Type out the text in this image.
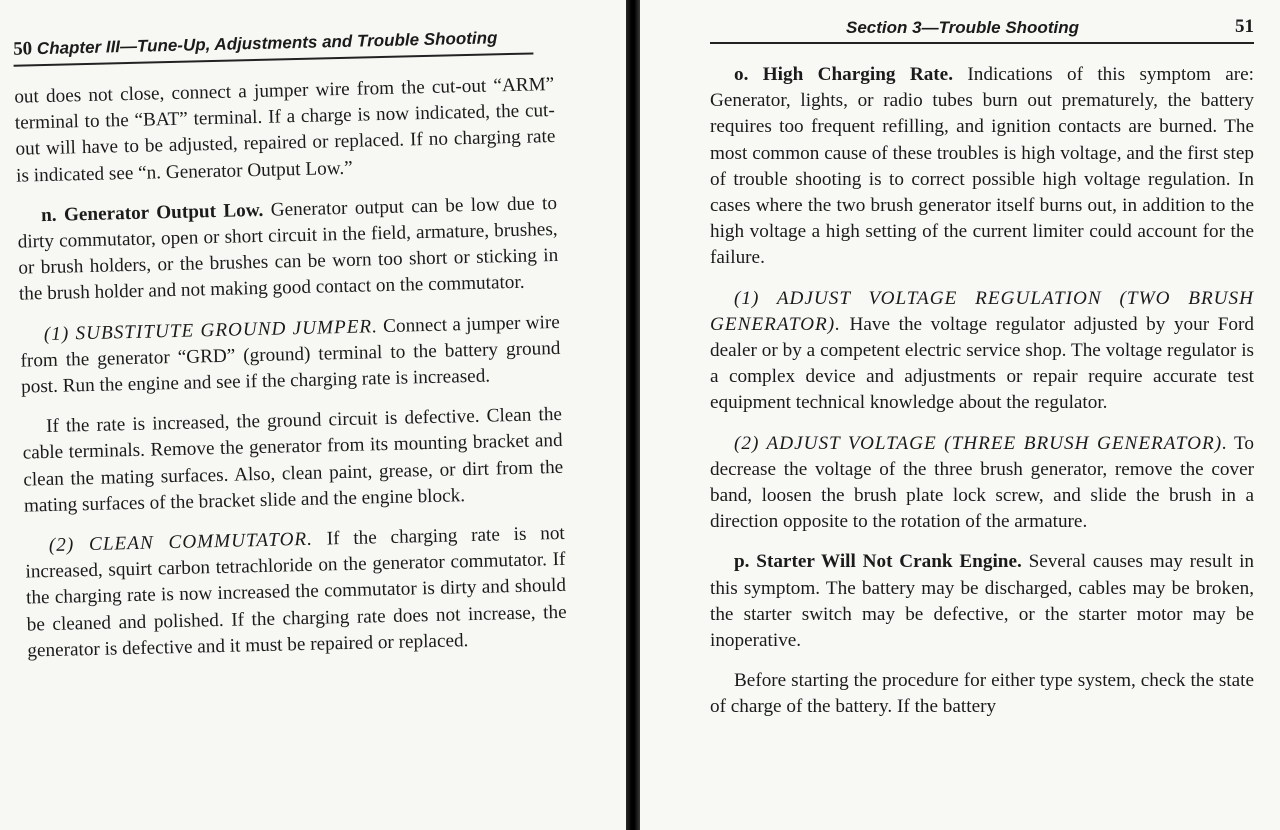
50 Chapter III—Tune-Up, Adjustments and Trouble Shooting

out does not close, connect a jumper wire from the cut-out “ARM” terminal to the “BAT” terminal. If a charge is now indicated, the cut-out will have to be adjusted, repaired or replaced. If no charging rate is indicated see “n. Generator Output Low.”

n. Generator Output Low. Generator output can be low due to dirty commutator, open or short circuit in the field, armature, brushes, or brush holders, or the brushes can be worn too short or sticking in the brush holder and not making good contact on the commutator.

(1) SUBSTITUTE GROUND JUMPER. Connect a jumper wire from the generator “GRD” (ground) terminal to the battery ground post. Run the engine and see if the charging rate is increased.

If the rate is increased, the ground circuit is defective. Clean the cable terminals. Remove the generator from its mounting bracket and clean the mating surfaces. Also, clean paint, grease, or dirt from the mating surfaces of the bracket slide and the engine block.

(2) CLEAN COMMUTATOR. If the charging rate is not increased, squirt carbon tetrachloride on the generator commutator. If the charging rate is now increased the commutator is dirty and should be cleaned and polished. If the charging rate does not increase, the generator is defective and it must be repaired or replaced.

Section 3—Trouble Shooting	51

o. High Charging Rate. Indications of this symptom are: Generator, lights, or radio tubes burn out prematurely, the battery requires too frequent refilling, and ignition contacts are burned. The most common cause of these troubles is high voltage, and the first step of trouble shooting is to correct possible high voltage regulation. In cases where the two brush generator itself burns out, in addition to the high voltage a high setting of the current limiter could account for the failure.

(1) ADJUST VOLTAGE REGULATION (TWO BRUSH GENERATOR). Have the voltage regulator adjusted by your Ford dealer or by a competent electric service shop. The voltage regulator is a complex device and adjustments or repair require accurate test equipment technical knowledge about the regulator.

(2) ADJUST VOLTAGE (THREE BRUSH GENERATOR). To decrease the voltage of the three brush generator, remove the cover band, loosen the brush plate lock screw, and slide the brush in a direction opposite to the rotation of the armature.

p. Starter Will Not Crank Engine. Several causes may result in this symptom. The battery may be discharged, cables may be broken, the starter switch may be defective, or the starter motor may be inoperative.

Before starting the procedure for either type system, check the state of charge of the battery. If the battery
